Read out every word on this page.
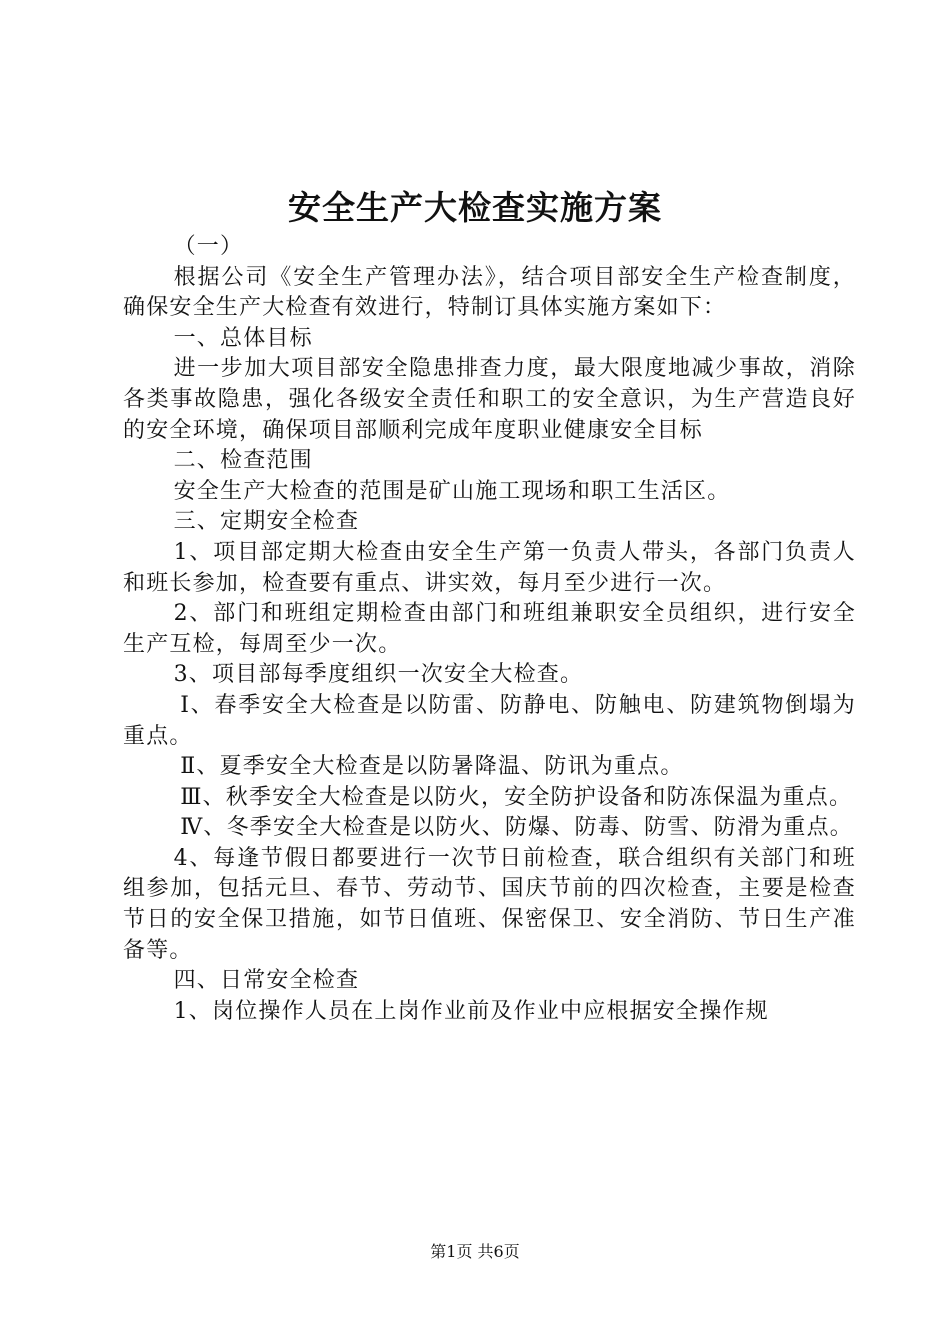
安全生产大检查实施方案

（一）

根据公司《安全生产管理办法》，结合项目部安全生产检查制度，确保安全生产大检查有效进行，特制订具体实施方案如下：

一、总体目标

进一步加大项目部安全隐患排查力度，最大限度地减少事故，消除各类事故隐患，强化各级安全责任和职工的安全意识，为生产营造良好的安全环境，确保项目部顺利完成年度职业健康安全目标

二、检查范围

安全生产大检查的范围是矿山施工现场和职工生活区。

三、定期安全检查

1、项目部定期大检查由安全生产第一负责人带头，各部门负责人和班长参加，检查要有重点、讲实效，每月至少进行一次。

2、部门和班组定期检查由部门和班组兼职安全员组织，进行安全生产互检，每周至少一次。

3、项目部每季度组织一次安全大检查。

Ⅰ、春季安全大检查是以防雷、防静电、防触电、防建筑物倒塌为重点。

Ⅱ、夏季安全大检查是以防暑降温、防讯为重点。

Ⅲ、秋季安全大检查是以防火，安全防护设备和防冻保温为重点。

Ⅳ、冬季安全大检查是以防火、防爆、防毒、防雪、防滑为重点。

4、每逢节假日都要进行一次节日前检查，联合组织有关部门和班组参加，包括元旦、春节、劳动节、国庆节前的四次检查，主要是检查节日的安全保卫措施，如节日值班、保密保卫、安全消防、节日生产准备等。

四、日常安全检查

1、岗位操作人员在上岗作业前及作业中应根据安全操作规

第1页 共6页
